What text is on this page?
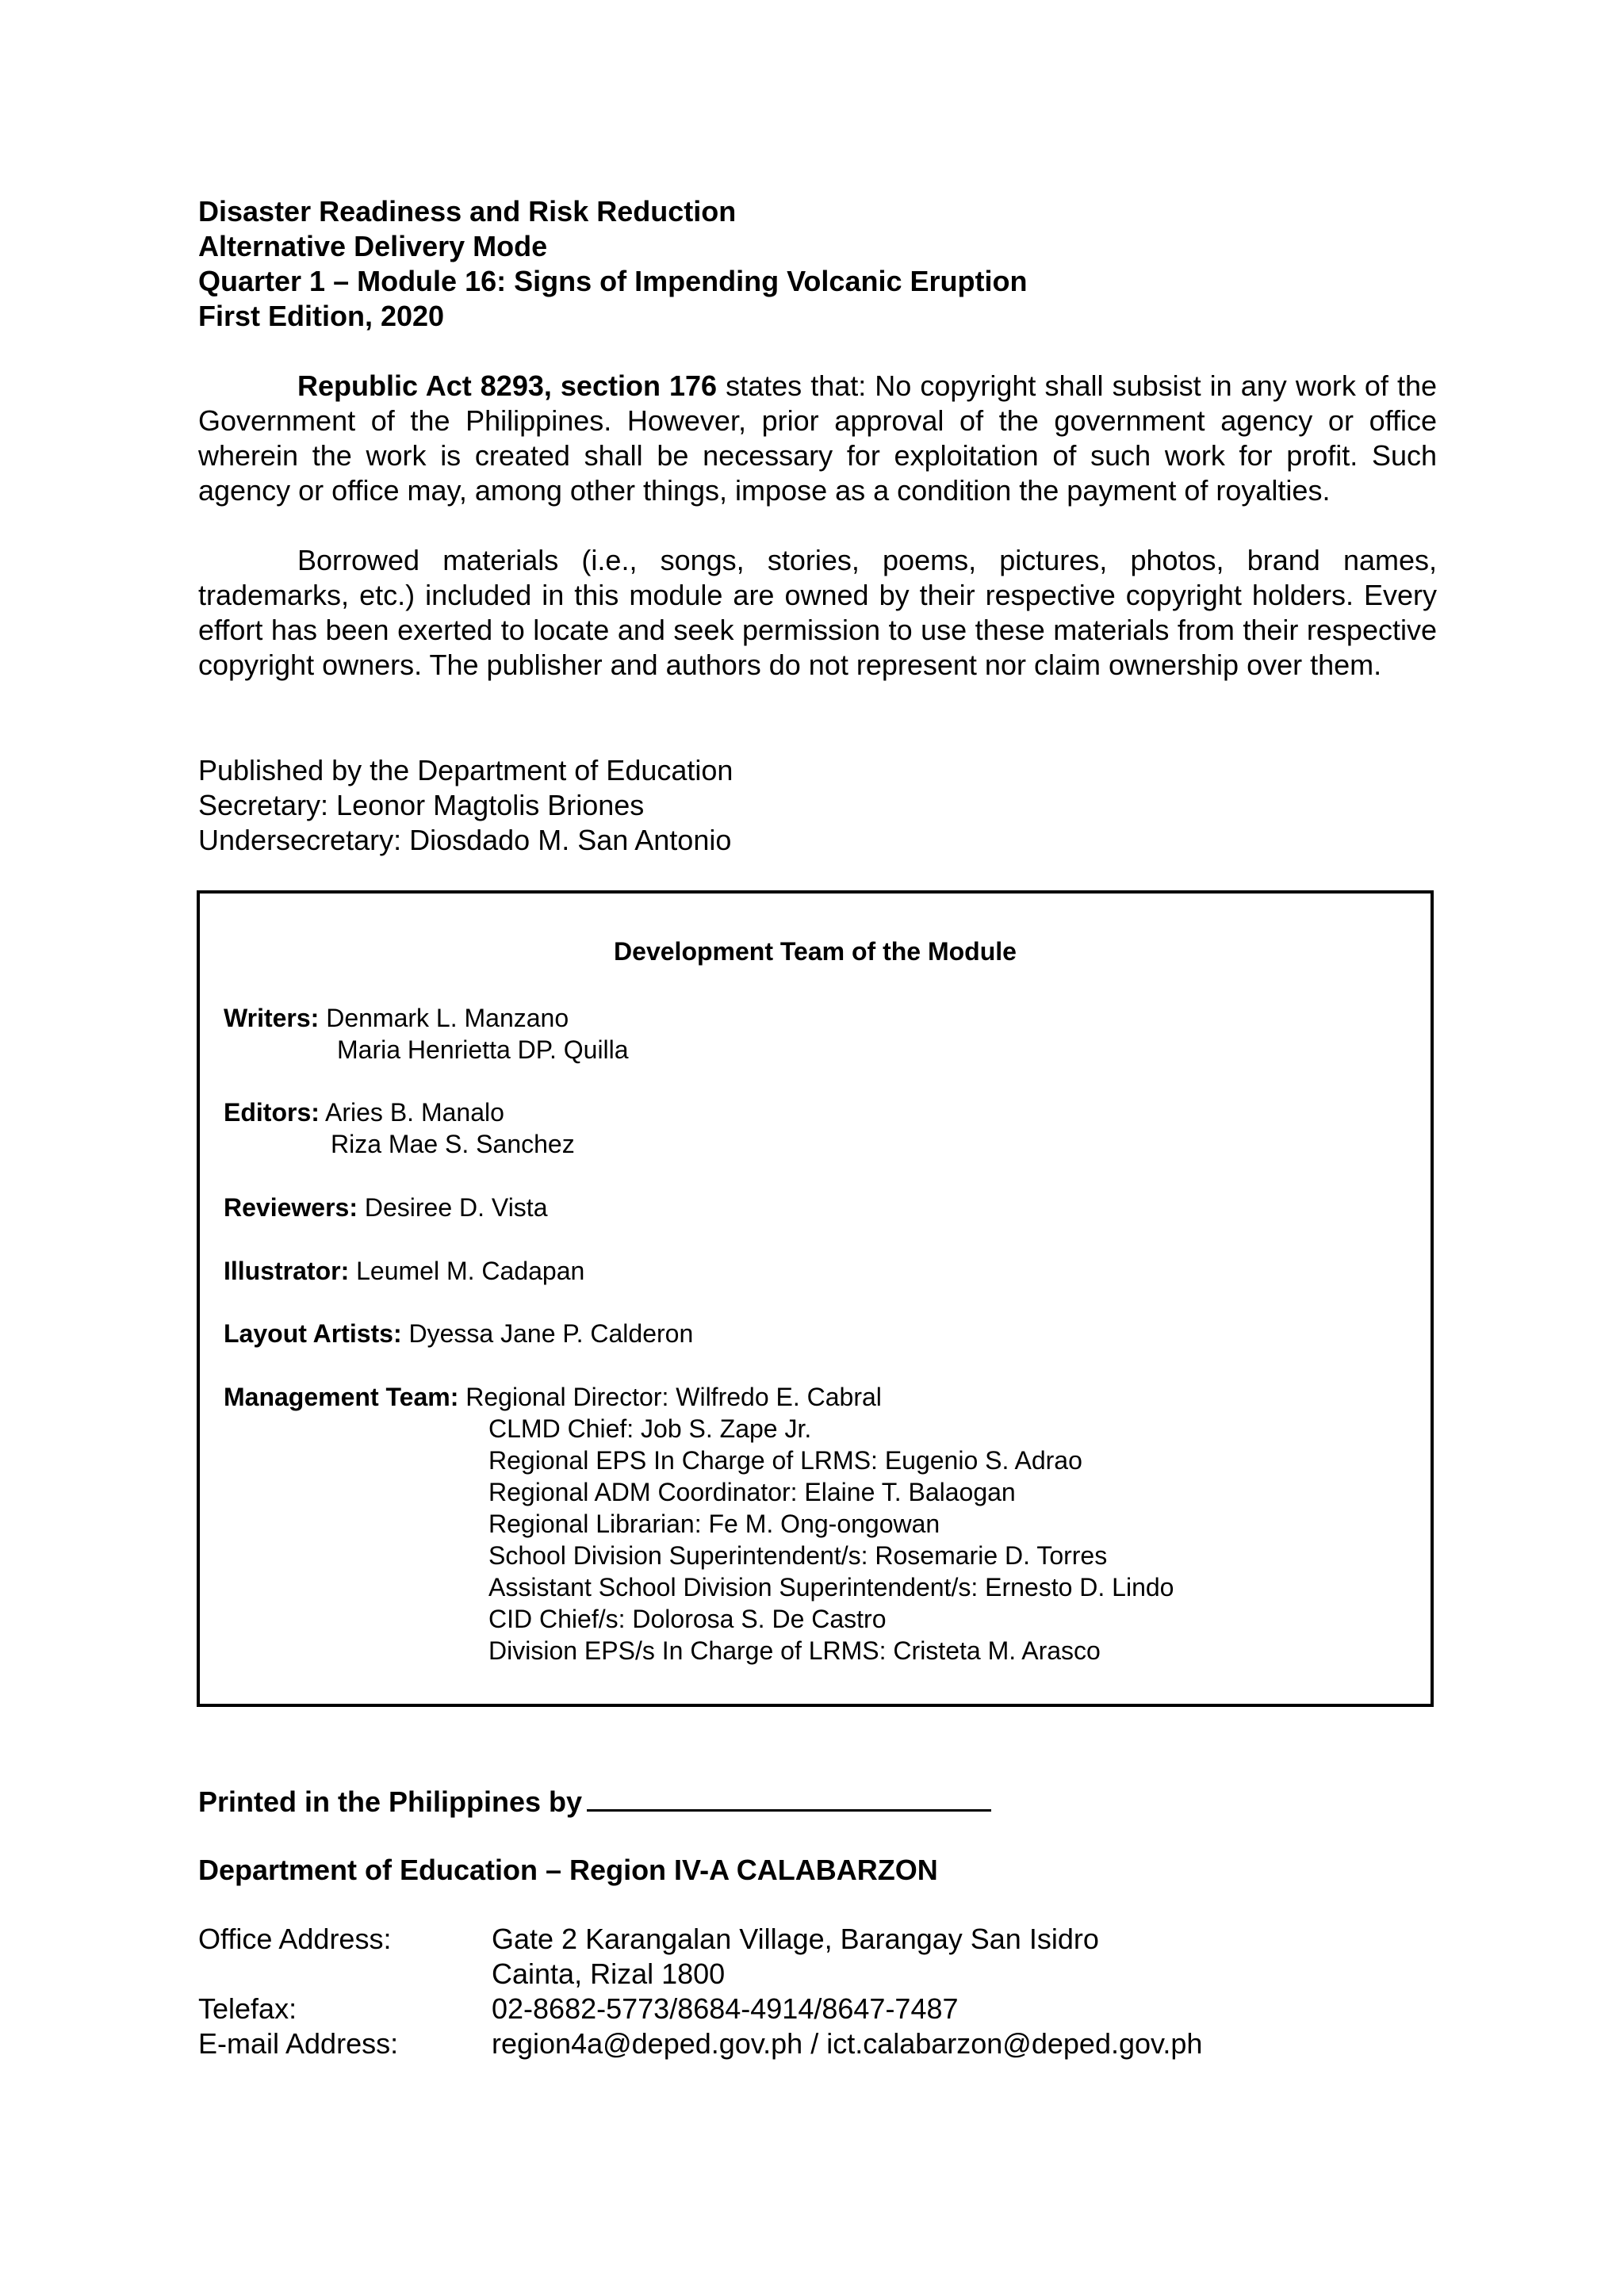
Disaster Readiness and Risk Reduction
Alternative Delivery Mode
Quarter 1 – Module 16: Signs of Impending Volcanic Eruption
First Edition, 2020
Republic Act 8293, section 176 states that: No copyright shall subsist in any work of the Government of the Philippines. However, prior approval of the government agency or office wherein the work is created shall be necessary for exploitation of such work for profit. Such agency or office may, among other things, impose as a condition the payment of royalties.
Borrowed materials (i.e., songs, stories, poems, pictures, photos, brand names, trademarks, etc.) included in this module are owned by their respective copyright holders. Every effort has been exerted to locate and seek permission to use these materials from their respective copyright owners. The publisher and authors do not represent nor claim ownership over them.
Published by the Department of Education
Secretary: Leonor Magtolis Briones
Undersecretary: Diosdado M. San Antonio
Development Team of the Module
Writers: Denmark L. Manzano
Maria Henrietta DP. Quilla
Editors: Aries B. Manalo
Riza Mae S. Sanchez
Reviewers: Desiree D. Vista
Illustrator: Leumel M. Cadapan
Layout Artists: Dyessa Jane P. Calderon
Management Team: Regional Director: Wilfredo E. Cabral
CLMD Chief: Job S. Zape Jr.
Regional EPS In Charge of LRMS: Eugenio S. Adrao
Regional ADM Coordinator: Elaine T. Balaogan
Regional Librarian: Fe M. Ong-ongowan
School Division Superintendent/s: Rosemarie D. Torres
Assistant School Division Superintendent/s: Ernesto D. Lindo
CID Chief/s: Dolorosa S. De Castro
Division EPS/s In Charge of LRMS: Cristeta M. Arasco
Printed in the Philippines by
Department of Education – Region IV-A CALABARZON
Office Address:	Gate 2 Karangalan Village, Barangay San Isidro
Cainta, Rizal 1800
Telefax:	02-8682-5773/8684-4914/8647-7487
E-mail Address:	region4a@deped.gov.ph / ict.calabarzon@deped.gov.ph
